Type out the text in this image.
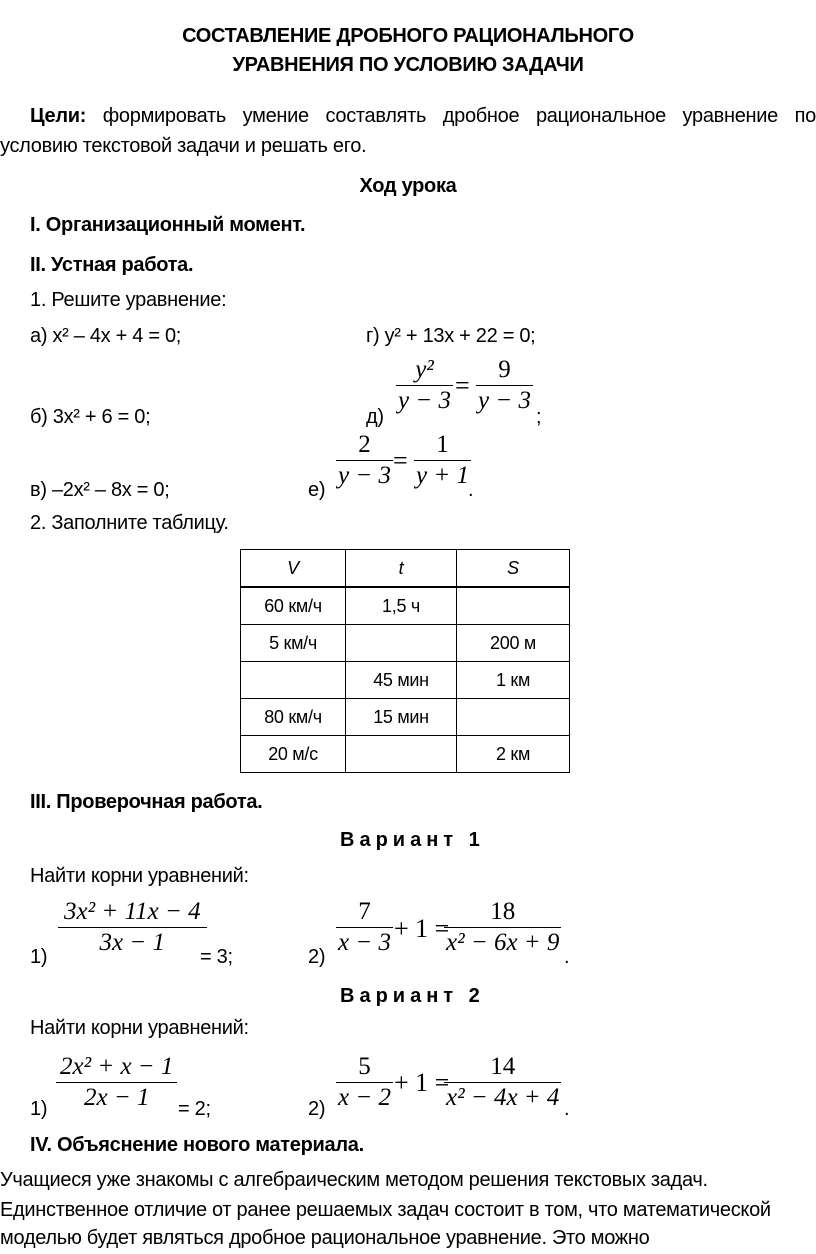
СОСТАВЛЕНИЕ ДРОБНОГО РАЦИОНАЛЬНОГО
УРАВНЕНИЯ ПО УСЛОВИЮ ЗАДАЧИ
Цели: формировать умение составлять дробное рациональное уравнение по
условию текстовой задачи и решать его.
Ход урока
I. Организационный момент.
II. Устная работа.
1. Решите уравнение:
а) x² – 4x + 4 = 0;	г) y² + 13x + 22 = 0;
б) 3x² + 6 = 0;	д)
y²
y − 3
=
9
y − 3
;
2
y − 3
=
1
y + 1
в) –2x² – 8x = 0;	е)	.
2. Заполните таблицу.
V	t	S
60 км/ч	1,5 ч	
5 км/ч		200 м
	45 мин	1 км
80 км/ч	15 мин	
20 м/с		2 км
III. Проверочная работа.
Вариант 1
Найти корни уравнений:
1)
3x² + 11x − 4
3x − 1
= 3;	2)
7
x − 3 + 1 =
18
x² − 6x + 9
.
Вариант 2
Найти корни уравнений:
1)
2x² + x − 1
2x − 1 = 2;	2)
5
x − 2
+ 1 =
14
x² − 4x + 4 .
IV. Объяснение нового материала.
Учащиеся уже знакомы с алгебраическим методом решения текстовых задач.
Единственное отличие от ранее решаемых задач состоит в том, что математической
моделью будет являться дробное рациональное уравнение. Это можно
